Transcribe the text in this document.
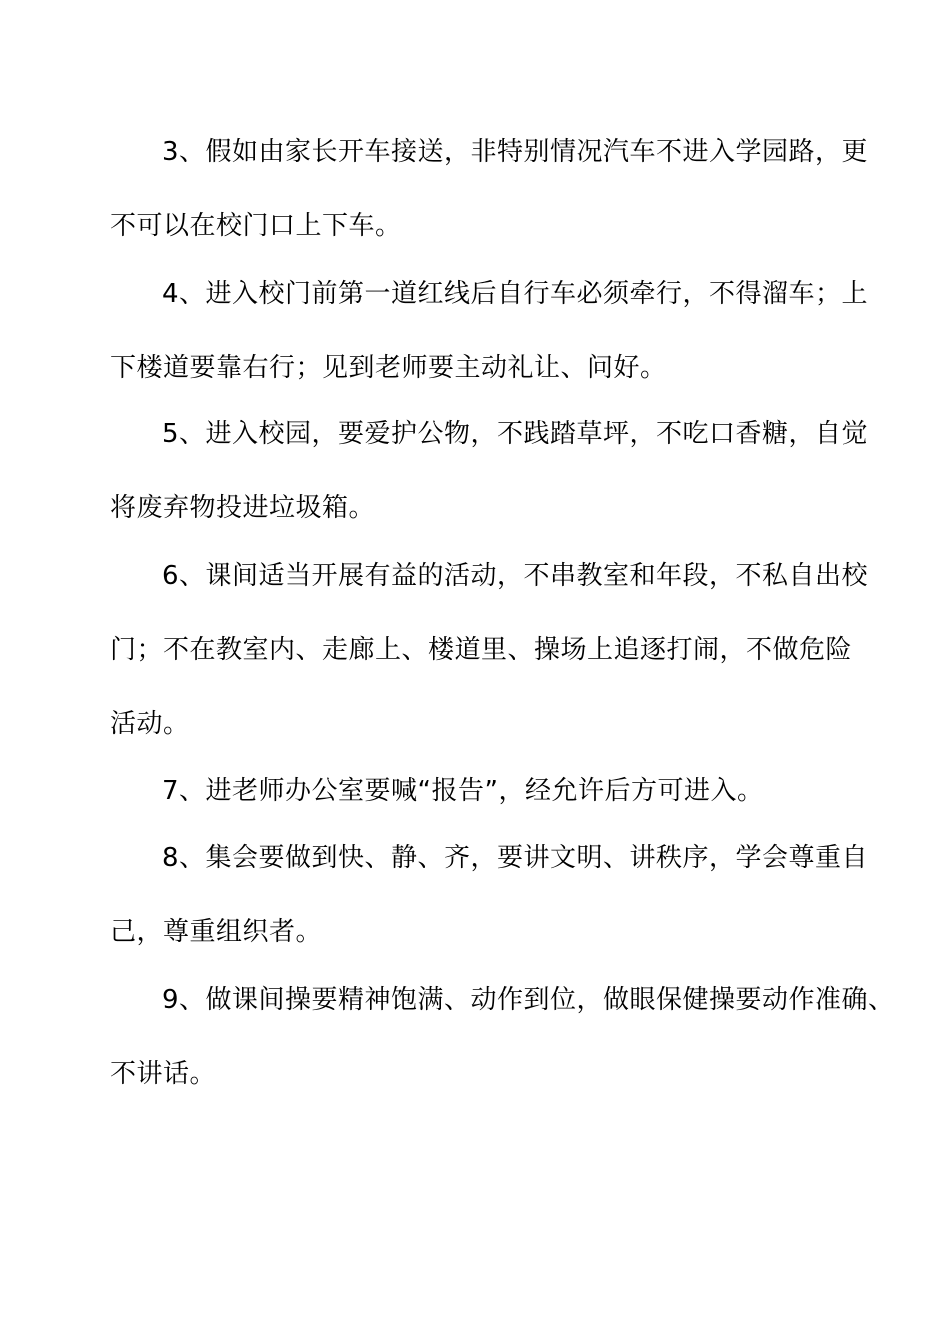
3、假如由家长开车接送，非特别情况汽车不进入学园路，更

不可以在校门口上下车。

4、进入校门前第一道红线后自行车必须牵行，不得溜车；上

下楼道要靠右行；见到老师要主动礼让、问好。

5、进入校园，要爱护公物，不践踏草坪，不吃口香糖，自觉

将废弃物投进垃圾箱。

6、课间适当开展有益的活动，不串教室和年段，不私自出校

门；不在教室内、走廊上、楼道里、操场上追逐打闹，不做危险

活动。

7、进老师办公室要喊“报告”，经允许后方可进入。

8、集会要做到快、静、齐，要讲文明、讲秩序，学会尊重自

己，尊重组织者。

9、做课间操要精神饱满、动作到位，做眼保健操要动作准确、

不讲话。
